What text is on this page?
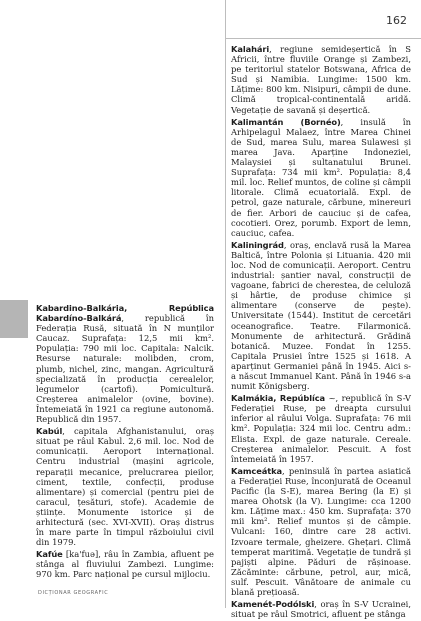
162

Kabardino-Balkária, República Kabardíno-Balkárá, republică în Federația Rusă, situată în N munților Caucaz. Suprafața: 12,5 mii km². Populația: 790 mii loc. Capitala: Nalcik. Resurse naturale: molibden, crom, plumb, nichel, zinc, mangan. Agricultură specializată în producția cerealelor, legumelor (cartofi). Pomicultură. Creșterea animalelor (ovine, bovine). Întemeiată în 1921 ca regiune autonomă. Republică din 1957.

Kabúl, capitala Afghanistanului, oraș situat pe râul Kabul. 2,6 mil. loc. Nod de comunicații. Aeroport internațional. Centru industrial (mașini agricole, reparații mecanice, prelucrarea pieilor, ciment, textile, confecții, produse alimentare) și comercial (pentru piei de caracul, țesături, stofe). Academie de științe. Monumente istorice și de arhitectură (sec. XVI-XVII). Oraș distrus în mare parte în timpul războiului civil din 1979.

Kafúe [ka'fuə], râu în Zambia, afluent pe stânga al fluviului Zambezi. Lungime: 970 km. Parc național pe cursul mijlociu.

Kalahári, regiune semideșertică în S Africii, între fluviile Orange și Zambezi, pe teritoriul statelor Botswana, Africa de Sud și Namibia. Lungime: 1500 km. Lățime: 800 km. Nisipuri, câmpii de dune. Climă tropical-continentală aridă. Vegetație de savană și deșertică.

Kalimantán (Bornéo), insulă în Arhipelagul Malaez, între Marea Chinei de Sud, marea Sulu, marea Sulawesi și marea Java. Aparține Indoneziei, Malaysiei și sultanatului Brunei. Suprafața: 734 mii km². Populația: 8,4 mil. loc. Relief muntos, de coline și câmpii litorale. Climă ecuatorială. Expl. de petrol, gaze naturale, cărbune, minereuri de fier. Arbori de cauciuc și de cafea, cocotieri. Orez, porumb. Export de lemn, cauciuc, cafea.

Kaliningrád, oraș, enclavă rusă la Marea Baltică, între Polonia și Lituania. 420 mii loc. Nod de comunicații. Aeroport. Centru industrial: șantier naval, construcții de vagoane, fabrici de cherestea, de celuloză și hârtie, de produse chimice și alimentare (conserve de pește). Universitate (1544). Institut de cercetări oceanografice. Teatre. Filarmonică. Monumente de arhitectură. Grădină botanică. Muzee. Fondat în 1255. Capitala Prusiei între 1525 și 1618. A aparținut Germaniei până în 1945. Aici s-a născut Immanuel Kant. Până în 1946 s-a numit Königsberg.

Kalmákia, Repúblíca ~, republică în S-V Federației Ruse, pe dreapta cursului inferior al râului Volga. Suprafața: 76 mii km². Populația: 324 mii loc. Centru adm.: Elista. Expl. de gaze naturale. Cereale. Creșterea animalelor. Pescuit. A fost întemeiată în 1957.

Kamceátka, peninsulă în partea asiatică a Federației Ruse, înconjurată de Oceanul Pacific (la S-E), marea Bering (la E) și marea Ohotsk (la V). Lungime: cca 1200 km. Lățime max.: 450 km. Suprafața: 370 mii km². Relief muntos și de câmpie. Vulcani: 160, dintre care 28 activi. Izvoare termale, gheizere. Ghețari. Climă temperat maritimă. Vegetație de tundră și pajiști alpine. Păduri de rășinoase. Zăcăminte: cărbune, petrol, aur, mică, sulf. Pescuit. Vânătoare de animale cu blană prețioasă.

Kamenét-Podólski, oraș în S-V Ucrainei, situat pe râul Smotrici, afluent pe stânga

DICȚIONAR GEOGRAFIC
